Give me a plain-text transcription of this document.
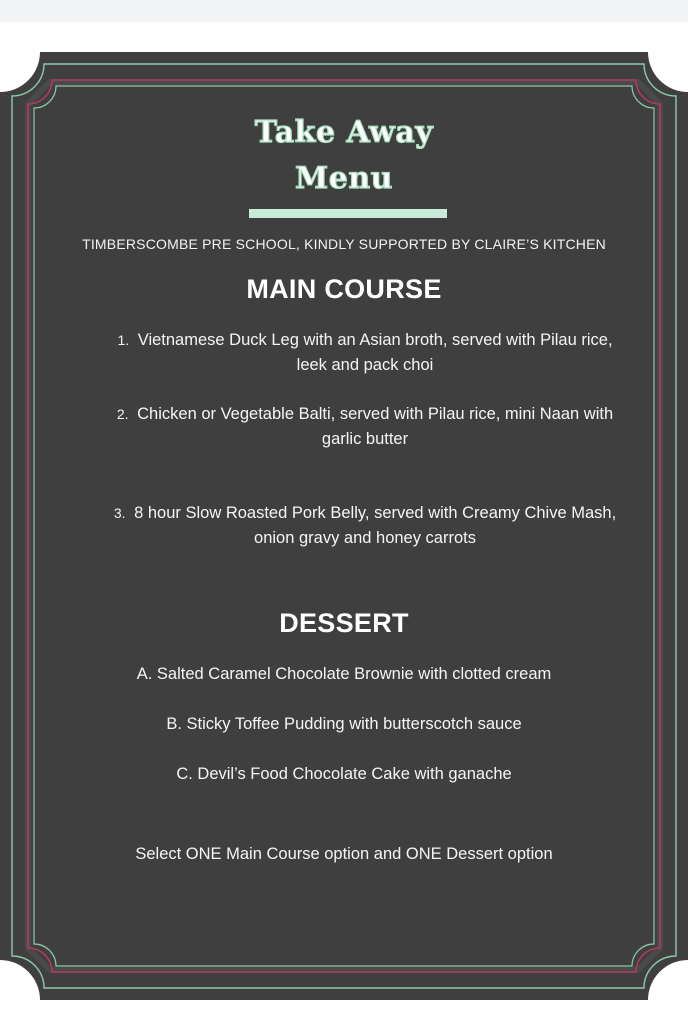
Take Away
Menu
TIMBERSCOMBE PRE SCHOOL, KINDLY SUPPORTED BY CLAIRE’S KITCHEN
MAIN COURSE
1. Vietnamese Duck Leg with an Asian broth, served with Pilau rice,
leek and pack choi
2. Chicken or Vegetable Balti, served with Pilau rice, mini Naan with
garlic butter
3. 8 hour Slow Roasted Pork Belly, served with Creamy Chive Mash,
onion gravy and honey carrots
DESSERT
A. Salted Caramel Chocolate Brownie with clotted cream
B. Sticky Toffee Pudding with butterscotch sauce
C. Devil’s Food Chocolate Cake with ganache
Select ONE Main Course option and ONE Dessert option
